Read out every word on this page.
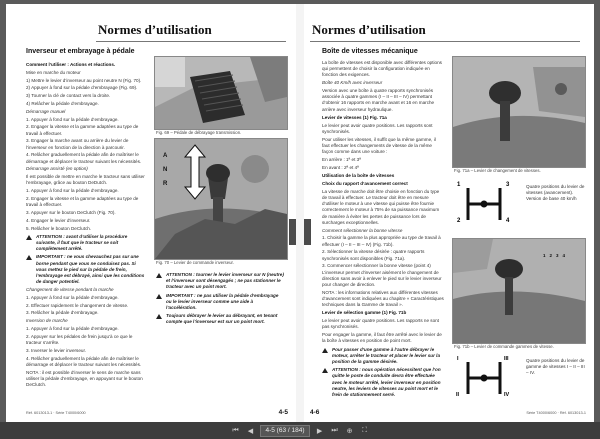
Normes d’utilisation
Inverseur et embrayage à pédale
Comment l’utiliser : Actions et réactions.
Mise en marche du moteur
1) Mettre le levier d’inverseur au point neutre N (Fig. 70).
2) Appuyer à fond sur la pédale d’embrayage (Fig. 69).
3) Tourner la clé de contact vers la droite.
4) Relâcher la pédale d’embrayage.
Démarrage manuel
1. Appuyer à fond sur la pédale d’embrayage.
2. Engager la vitesse et la gamme adaptées au type de travail à effectuer.
3. Engager la marche avant ou arrière du levier de l’inverseur en fonction de la direction à parcourir.
4. Relâcher graduellement la pédale afin de maîtriser le démarrage et déplacer le tracteur suivant les nécessités.
Démarrage assisté (en option)
Il est possible de mettre en marche le tracteur sans utiliser l’embrayage, grâce au bouton DeDutch.
1. Appuyer à fond sur la pédale d’embrayage.
2. Engager la vitesse et la gamme adaptées au type de travail à effectuer.
3. Appuyer sur le bouton DeClutch (Fig. 70).
4. Engager le levier d’inverseur.
5. Relâcher le bouton DeClutch.
ATTENTION : avant d’utiliser la procédure suivante, il faut que le tracteur se soit complètement arrêté.
IMPORTANT : ne vous chevauchez pas sur une borne pendant que vous ne conduisez pas. Si vous mettez le pied sur la pédale de frein, l’embrayage est débrayé, ainsi que les conditions de danger potentiel.
Changement de vitesse pendant la marche
1. Appuyer à fond sur la pédale d’embrayage.
2. Effectuer rapidement le changement de vitesse.
3. Relâcher la pédale d’embrayage.
Inversion de marche
1. Appuyer à fond sur la pédale d’embrayage.
2. Appuyer sur les pédales de frein jusqu’à ce que le tracteur s’arrête.
3. Inverser le levier inverseur.
4. Relâcher graduellement la pédale afin de maîtriser le démarrage et déplacer le tracteur suivant les nécessités.
NOTA : il est possible d’inverser le sens de marche sans utiliser la pédale d’embrayage, en appuyant sur le bouton DeClutch.
Fig. 69 – Pédale de débrayage transmission.
A
N
R
Fig. 70 – Levier de commande inverseur.
ATTENTION : tourner le levier inverseur sur N (neutre) et l’inverseur sont désengagés ; ne pas stationner le tracteur avec un point mort.
IMPORTANT : ne pas utiliser la pédale d’embrayage ou le levier inverseur comme une aide à l’accélération.
Toujours débrayer le levier au débrayant, en tenant compte que l’inverseur est sur un point mort.
Réf. 6013013-1 · Série T4000/6000	4-5
Normes d’utilisation
Boîte de vitesses mécanique
La boîte de vitesses est disponible avec différentes options qui permettent de choisir la configuration indiquée en fonction des exigences.
Boîte 40 Km/h avec inverseur
Version avec une boîte à quatre rapports synchronisés associée à quatre gammes (I – II – III – IV) permettant d’obtenir 16 rapports en marche avant et 16 en marche arrière avec inverseur hydraulique.
Levier de vitesses (1) Fig. 71a
Le levier peut avoir quatre positions. Les rapports sont synchronisés.
Pour utiliser les vitesses, il suffit que la même gamme, il faut effectuer les changements de vitesse de la même façon comme dans une voiture :
En arrière : 1ª et 3ª
En avant : 2ª et 4ª
Utilisation de la boîte de vitesses
Choix du rapport d’avancement correct
La vitesse de marche doit être choisie en fonction du type de travail à effectuer. Le tracteur doit être en mesure d’utiliser le moteur à une vitesse qui puisse être fournie correctement le moteur à 75% de sa puissance maximum de manière à éviter les pertes de puissance lors de surcharges exceptionnelles.
Comment sélectionner la bonne vitesse
1. Choisir la gamme la plus appropriée au type de travail à effectuer (I – II – III – IV) (Fig. 71b).
2. Sélectionner la vitesse désirée : quatre rapports synchronisés sont disponibles (Fig. 71a).
3. Commencer sélectionner la bonne vitesse (point 4) L’inverseur permet d’inverser aisément le changement de direction sans avoir à enlever le pied sur le levier inverseur pour changer de direction.
NOTA : les informations relatives aux différentes vitesses d’avancement sont indiquées au chapitre « Caractéristiques techniques dans la Gamme de travail ».
Levier de sélection gamme (1) Fig. 71b
Le levier peut avoir quatre positions. Les rapports ne sont pas synchronisés.
Pour engager la gamme, il faut être arrêté avec le levier de la boîte à vitesses en position de point mort.
Pour passer d’une gamme à l’autre débrayer le moteur, arrêter le tracteur et placer le levier sur la position de la gamme désirée.
ATTENTION : nous opération nécessitent que l’on quitte le poste de conduite devra être effectuée avec le moteur arrêté, levier inverseur en position neutre, les leviers de vitesses au point mort et le frein de stationnement serré.
Fig. 71a – Levier de changement de vitesses.
1
2
3
4
Quatre positions du levier de vitesses (avancement). Version de base 40 km/h
1 2 3 4
Fig. 71b – Levier de commande gammes de vitesse.
I
II
III
IV
Quatre positions du levier de gamme de vitesses I – II – III – IV.
4-6	Série T4000/6000 · Réf. 6013013-1
⏮	◀	4-5 (63 / 184)	▶	⏭ ⊕	⛶
